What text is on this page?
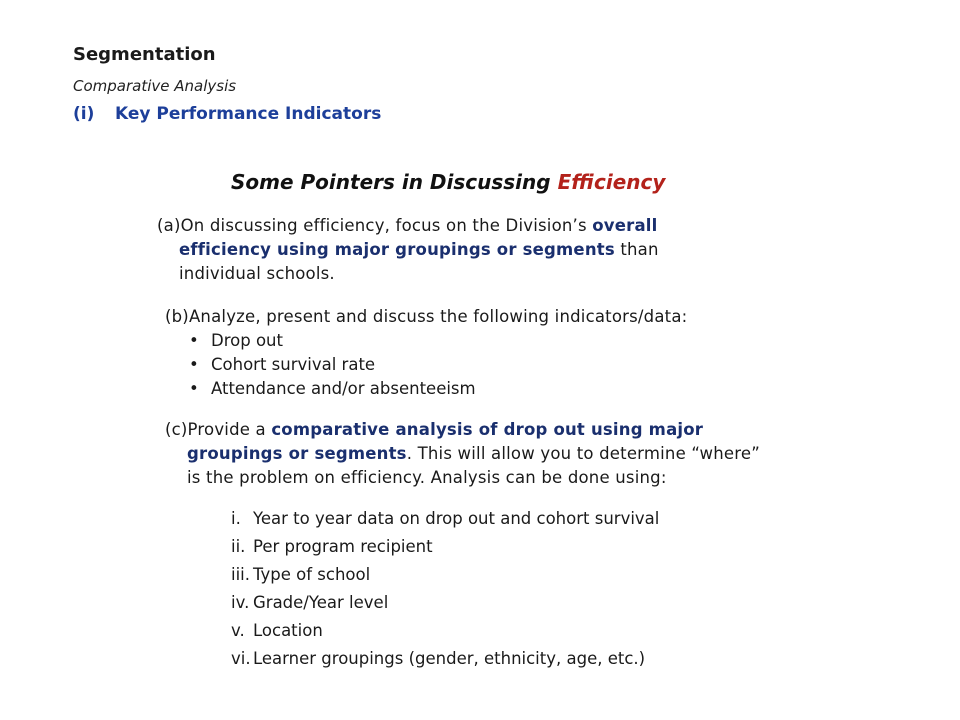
Segmentation
Comparative Analysis
(i) Key Performance Indicators
Some Pointers in Discussing Efficiency
(a)On discussing efficiency, focus on the Division’s overall
efficiency using major groupings or segments than
individual schools.
(b)Analyze, present and discuss the following indicators/data:
• Drop out
• Cohort survival rate
• Attendance and/or absenteeism
(c)Provide a comparative analysis of drop out using major
groupings or segments. This will allow you to determine “where”
is the problem on efficiency. Analysis can be done using:
i. Year to year data on drop out and cohort survival
ii. Per program recipient
iii. Type of school
iv. Grade/Year level
v. Location
vi. Learner groupings (gender, ethnicity, age, etc.)
